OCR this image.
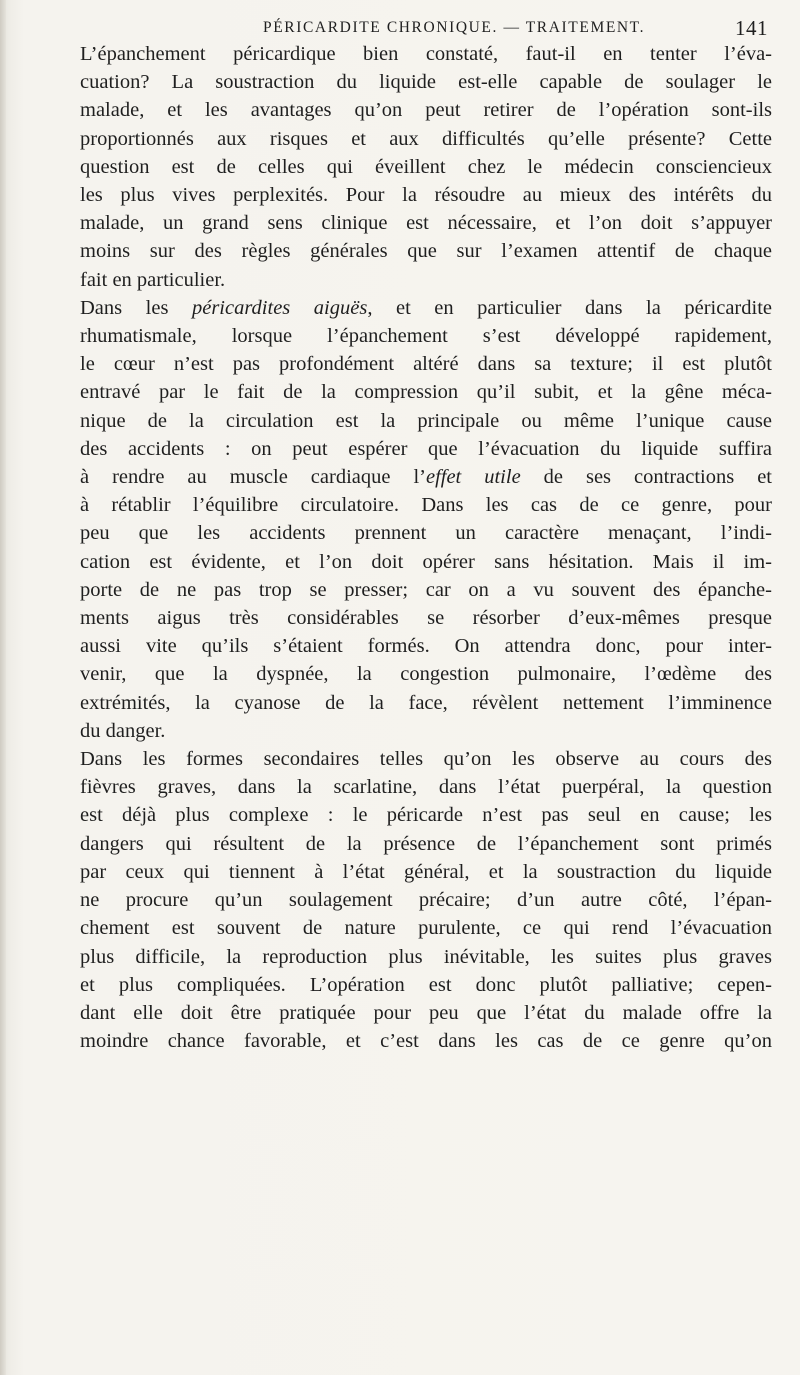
PÉRICARDITE CHRONIQUE. — TRAITEMENT.	141

L’épanchement péricardique bien constaté, faut-il en tenter l’éva-
cuation? La soustraction du liquide est-elle capable de soulager le
malade, et les avantages qu’on peut retirer de l’opération sont-ils
proportionnés aux risques et aux difficultés qu’elle présente? Cette
question est de celles qui éveillent chez le médecin consciencieux
les plus vives perplexités. Pour la résoudre au mieux des intérêts du
malade, un grand sens clinique est nécessaire, et l’on doit s’appuyer
moins sur des règles générales que sur l’examen attentif de chaque
fait en particulier.

Dans les péricardites aiguës, et en particulier dans la péricardite
rhumatismale, lorsque l’épanchement s’est développé rapidement,
le cœur n’est pas profondément altéré dans sa texture; il est plutôt
entravé par le fait de la compression qu’il subit, et la gêne méca-
nique de la circulation est la principale ou même l’unique cause
des accidents : on peut espérer que l’évacuation du liquide suffira
à rendre au muscle cardiaque l’effet utile de ses contractions et
à rétablir l’équilibre circulatoire. Dans les cas de ce genre, pour
peu que les accidents prennent un caractère menaçant, l’indi-
cation est évidente, et l’on doit opérer sans hésitation. Mais il im-
porte de ne pas trop se presser; car on a vu souvent des épanche-
ments aigus très considérables se résorber d’eux-mêmes presque
aussi vite qu’ils s’étaient formés. On attendra donc, pour inter-
venir, que la dyspnée, la congestion pulmonaire, l’œdème des
extrémités, la cyanose de la face, révèlent nettement l’imminence
du danger.

Dans les formes secondaires telles qu’on les observe au cours des
fièvres graves, dans la scarlatine, dans l’état puerpéral, la question
est déjà plus complexe : le péricarde n’est pas seul en cause; les
dangers qui résultent de la présence de l’épanchement sont primés
par ceux qui tiennent à l’état général, et la soustraction du liquide
ne procure qu’un soulagement précaire; d’un autre côté, l’épan-
chement est souvent de nature purulente, ce qui rend l’évacuation
plus difficile, la reproduction plus inévitable, les suites plus graves
et plus compliquées. L’opération est donc plutôt palliative; cepen-
dant elle doit être pratiquée pour peu que l’état du malade offre la
moindre chance favorable, et c’est dans les cas de ce genre qu’on
